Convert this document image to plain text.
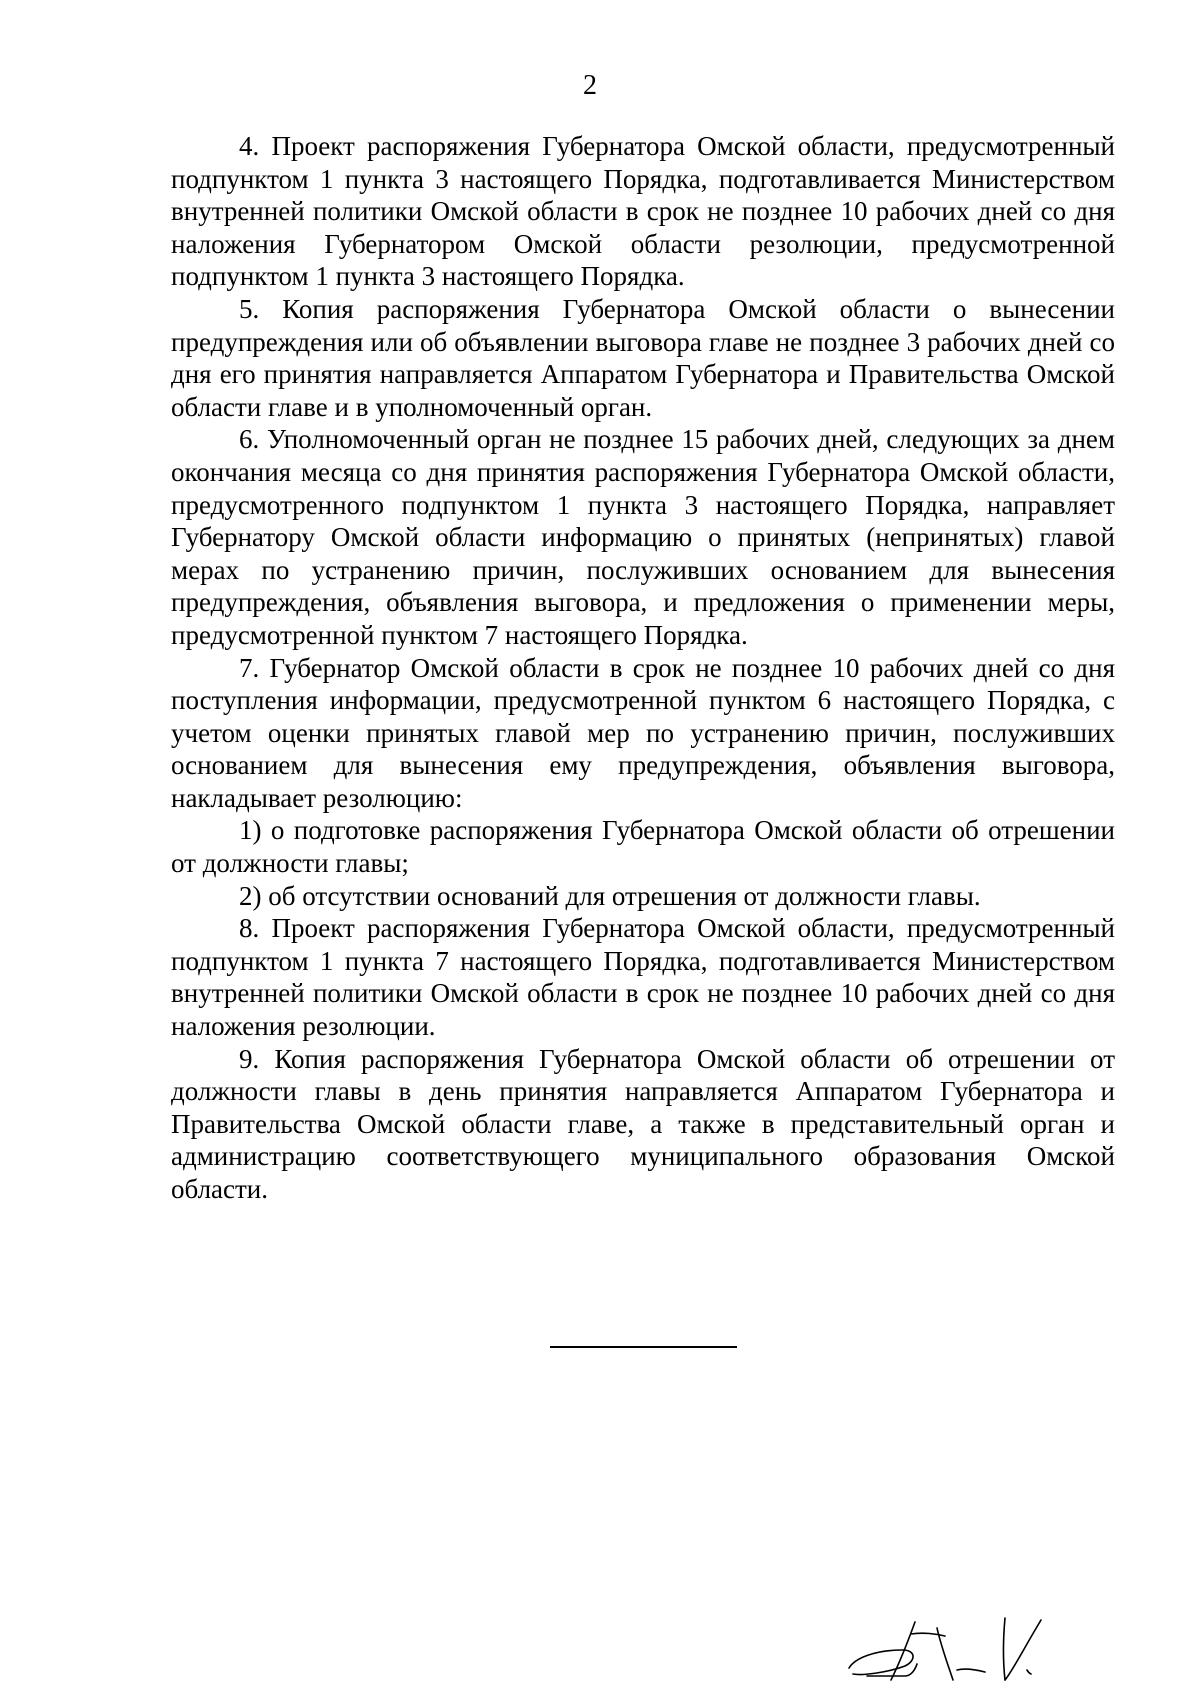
2

4. Проект распоряжения Губернатора Омской области, предусмотренный подпунктом 1 пункта 3 настоящего Порядка, подготавливается Министерством внутренней политики Омской области в срок не позднее 10 рабочих дней со дня наложения Губернатором Омской области резолюции, предусмотренной подпунктом 1 пункта 3 настоящего Порядка.

5. Копия распоряжения Губернатора Омской области о вынесении предупреждения или об объявлении выговора главе не позднее 3 рабочих дней со дня его принятия направляется Аппаратом Губернатора и Правительства Омской области главе и в уполномоченный орган.

6. Уполномоченный орган не позднее 15 рабочих дней, следующих за днем окончания месяца со дня принятия распоряжения Губернатора Омской области, предусмотренного подпунктом 1 пункта 3 настоящего Порядка, направляет Губернатору Омской области информацию о принятых (непринятых) главой мерах по устранению причин, послуживших основанием для вынесения предупреждения, объявления выговора, и предложения о применении меры, предусмотренной пунктом 7 настоящего Порядка.

7. Губернатор Омской области в срок не позднее 10 рабочих дней со дня поступления информации, предусмотренной пунктом 6 настоящего Порядка, с учетом оценки принятых главой мер по устранению причин, послуживших основанием для вынесения ему предупреждения, объявления выговора, накладывает резолюцию:

1) о подготовке распоряжения Губернатора Омской области об отрешении от должности главы;

2) об отсутствии оснований для отрешения от должности главы.

8. Проект распоряжения Губернатора Омской области, предусмотренный подпунктом 1 пункта 7 настоящего Порядка, подготавливается Министерством внутренней политики Омской области в срок не позднее 10 рабочих дней со дня наложения резолюции.

9. Копия распоряжения Губернатора Омской области об отрешении от должности главы в день принятия направляется Аппаратом Губернатора и Правительства Омской области главе, а также в представительный орган и администрацию соответствующего муниципального образования Омской области.
